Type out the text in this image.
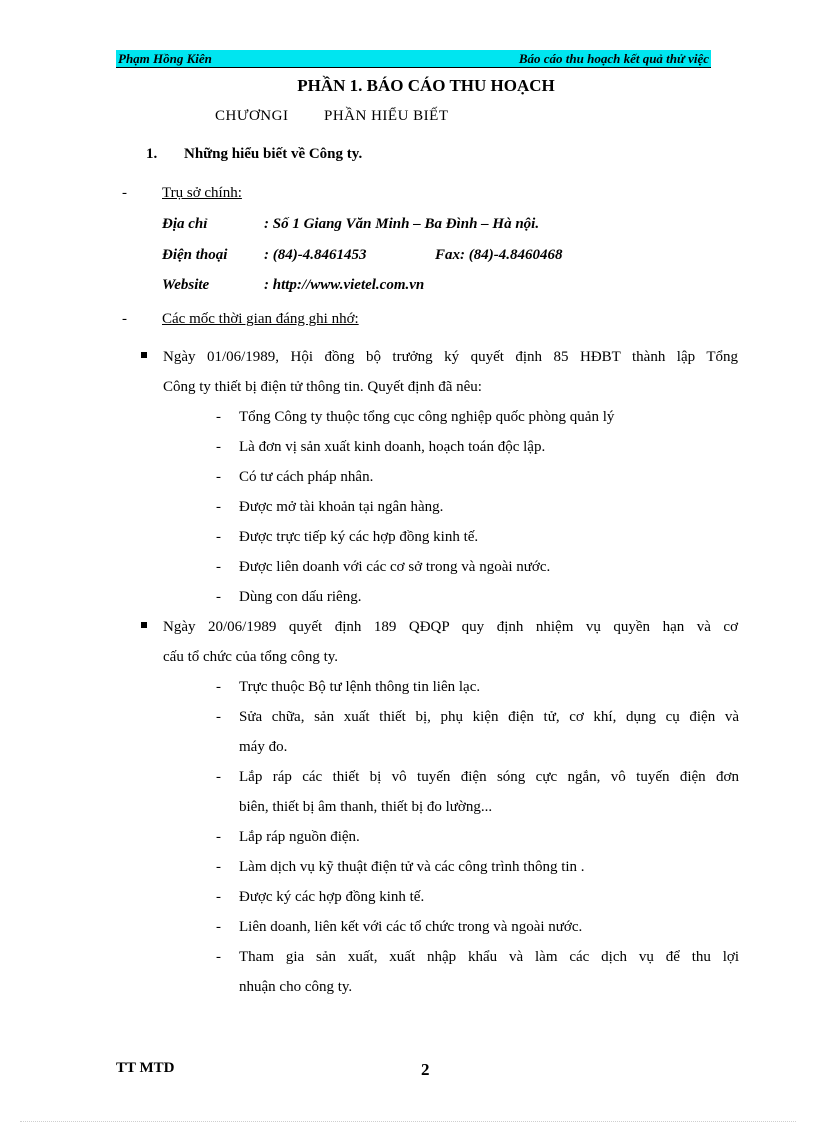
Phạm Hồng Kiên	Báo cáo thu hoạch kết quả thử việc
PHẦN 1. BÁO CÁO THU HOẠCH
CHƯƠNGI PHẦN HIỂU BIẾT
1. Những hiểu biết về Công ty.
- Trụ sở chính:
Địa chỉ	: Số 1 Giang Văn Minh – Ba Đình – Hà nội.
Điện thoại : (84)-4.8461453	Fax: (84)-4.8460468
Website	: http://www.vietel.com.vn
- Các mốc thời gian đáng ghi nhớ:
Ngày 01/06/1989, Hội đồng bộ trưởng ký quyết định 85 HĐBT thành lập Tổng
Công ty thiết bị điện tử thông tin. Quyết định đã nêu:
- Tổng Công ty thuộc tổng cục công nghiệp quốc phòng quản lý
- Là đơn vị sản xuất kinh doanh, hoạch toán độc lập.
- Có tư cách pháp nhân.
- Được mở tài khoản tại ngân hàng.
- Được trực tiếp ký các hợp đồng kinh tế.
- Được liên doanh với các cơ sở trong và ngoài nước.
- Dùng con dấu riêng.
Ngày 20/06/1989 quyết định 189 QĐQP quy định nhiệm vụ quyền hạn và cơ
cấu tổ chức của tổng công ty.
- Trực thuộc Bộ tư lệnh thông tin liên lạc.
- Sửa chữa, sản xuất thiết bị, phụ kiện điện tử, cơ khí, dụng cụ điện và
máy đo.
- Lắp ráp các thiết bị vô tuyến điện sóng cực ngắn, vô tuyến điện đơn
biên, thiết bị âm thanh, thiết bị đo lường...
- Lắp ráp nguồn điện.
- Làm dịch vụ kỹ thuật điện tử và các công trình thông tin .
- Được ký các hợp đồng kinh tế.
- Liên doanh, liên kết với các tổ chức trong và ngoài nước.
- Tham gia sản xuất, xuất nhập khẩu và làm các dịch vụ để thu lợi
nhuận cho công ty.
TT MTD	2
